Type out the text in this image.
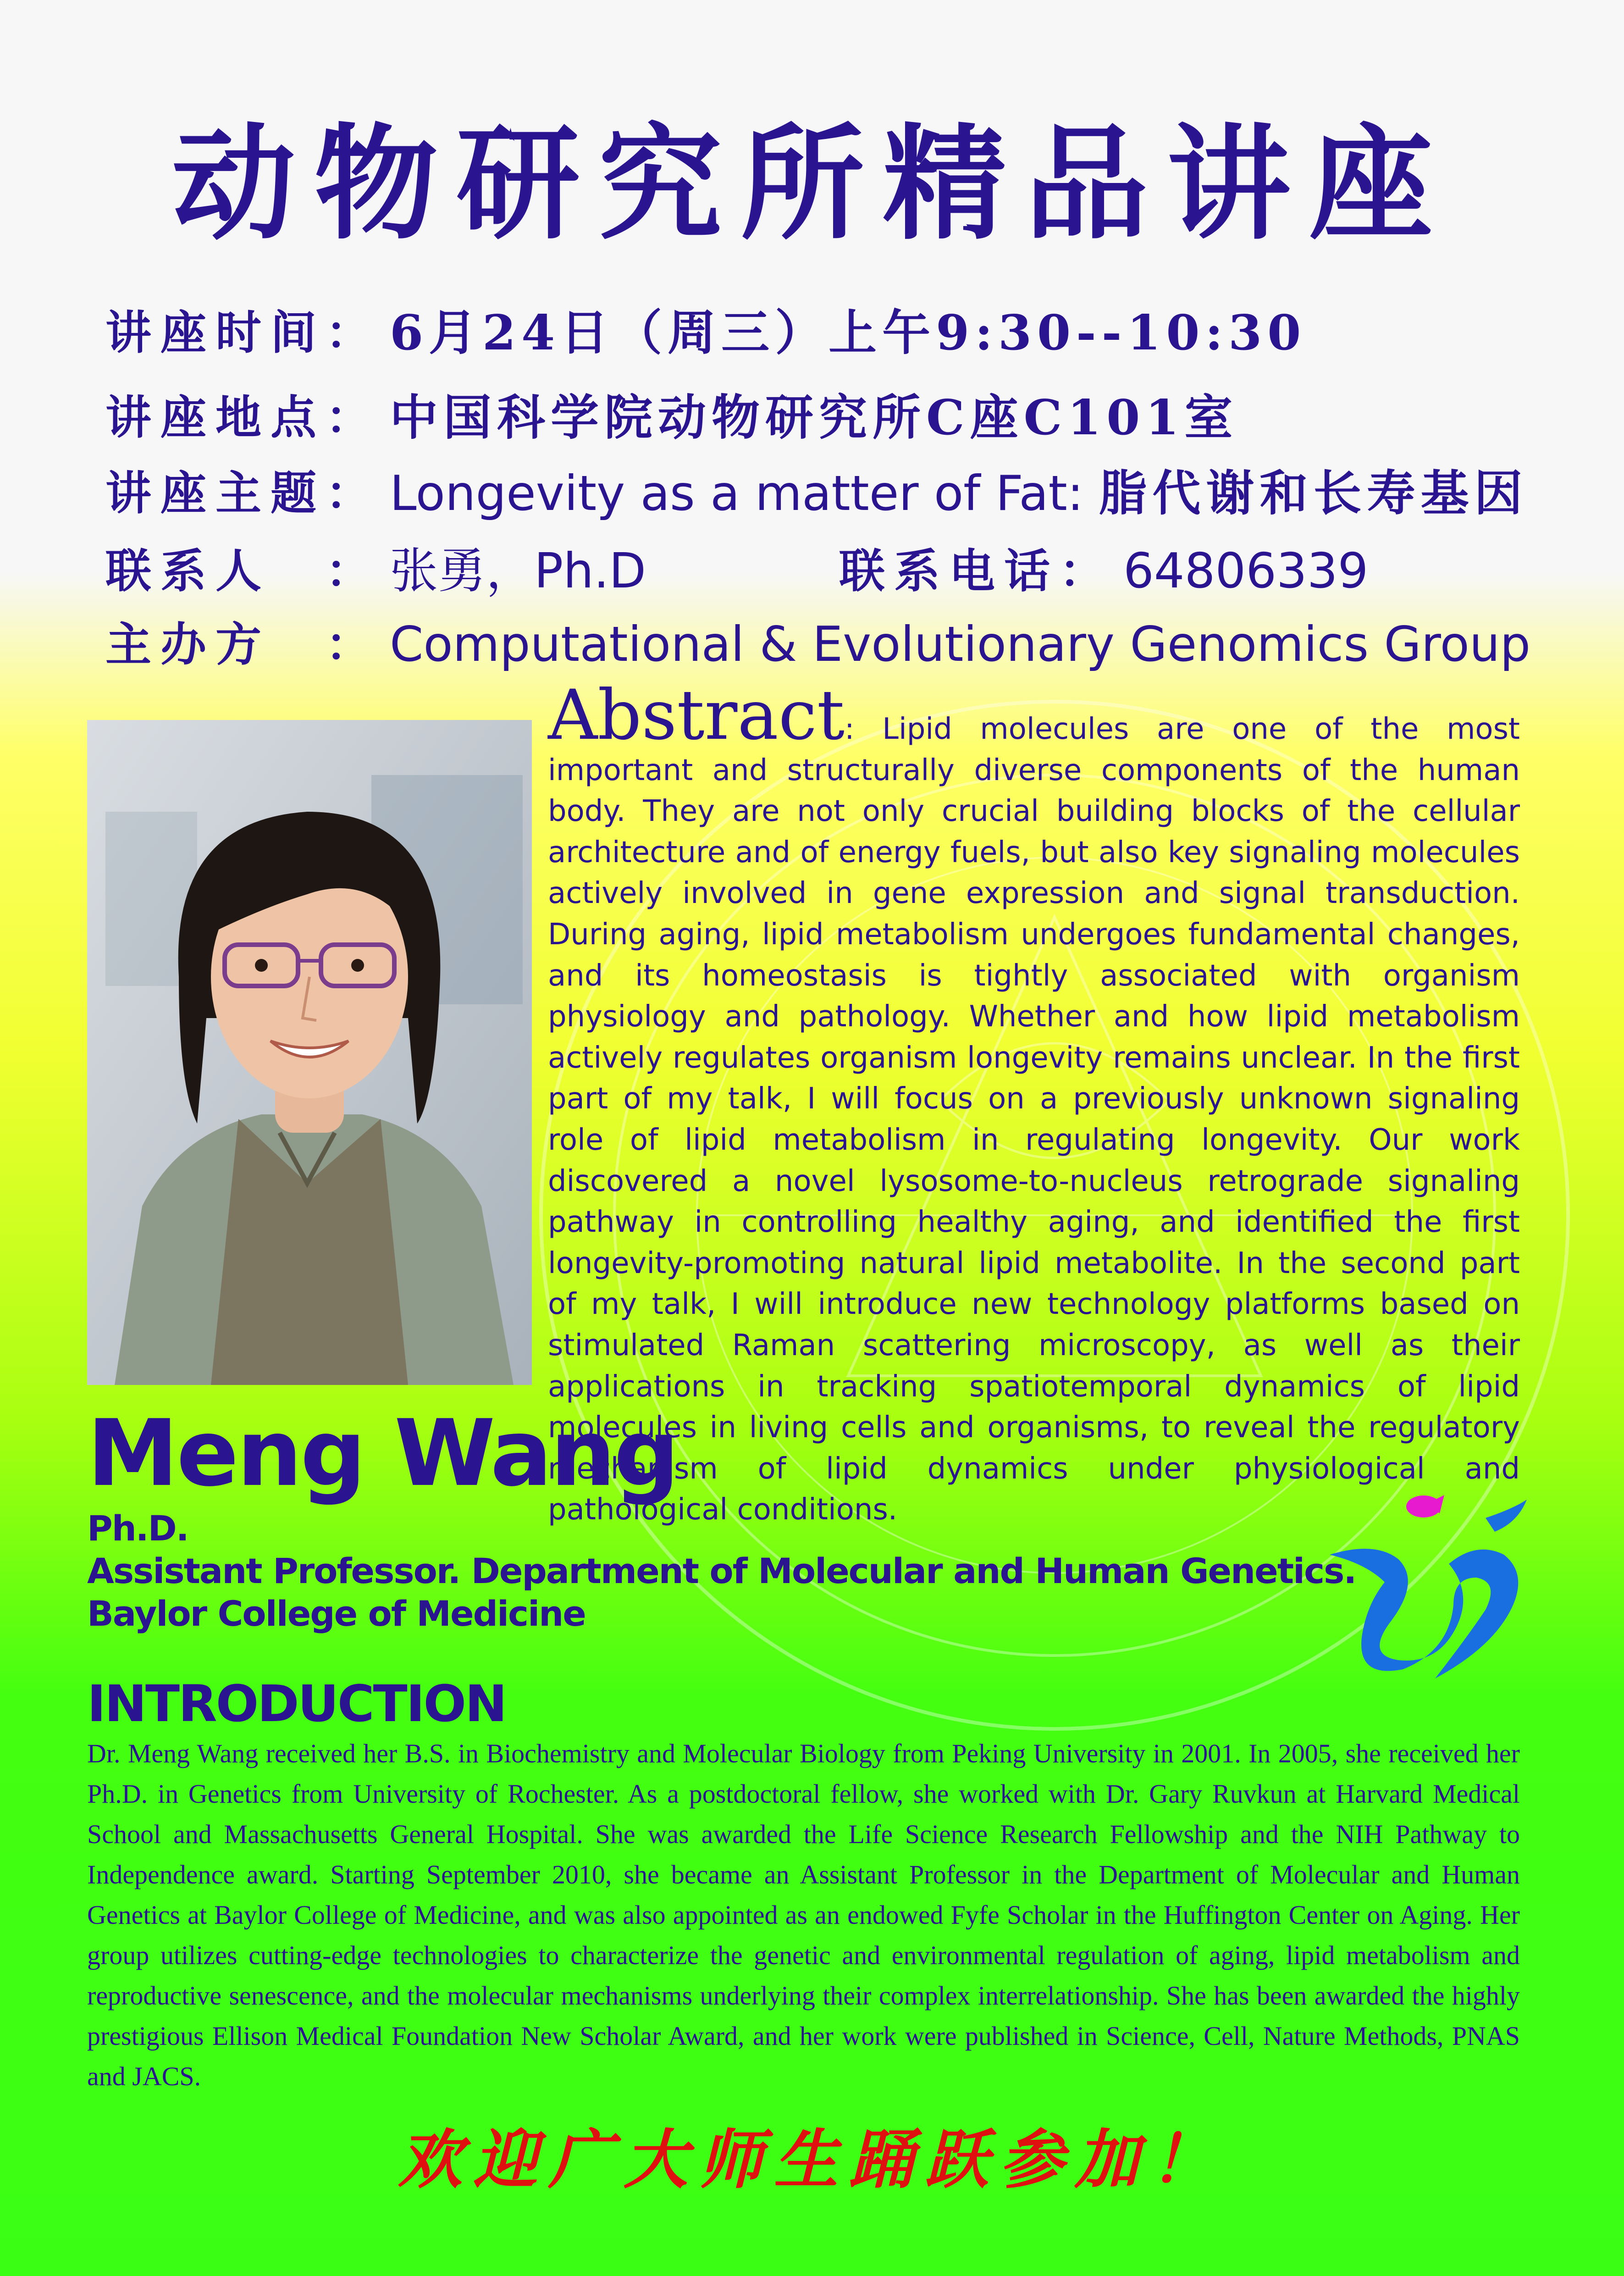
动物研究所精品讲座
讲座时间： 6月24日（周三）上午9:30--10:30
讲座地点： 中国科学院动物研究所C座C101室
讲座主题： Longevity as a matter of Fat: 脂代谢和长寿基因
联系人　： 张勇，Ph.D	联系电话： 64806339
主办方　： Computational & Evolutionary Genomics Group
Abstract: Lipid molecules are one of the most important and structurally diverse components of the human body. They are not only crucial building blocks of the cellular architecture and of energy fuels, but also key signaling molecules actively involved in gene expression and signal transduction. During aging, lipid metabolism undergoes fundamental changes, and its homeostasis is tightly associated with organism physiology and pathology. Whether and how lipid metabolism actively regulates organism longevity remains unclear. In the first part of my talk, I will focus on a previously unknown signaling role of lipid metabolism in regulating longevity. Our work discovered a novel lysosome-to-nucleus retrograde signaling pathway in controlling healthy aging, and identified the first longevity-promoting natural lipid metabolite. In the second part of my talk, I will introduce new technology platforms based on stimulated Raman scattering microscopy, as well as their applications in tracking spatiotemporal dynamics of lipid molecules in living cells and organisms, to reveal the regulatory mechanism of lipid dynamics under physiological and pathological conditions.
Meng Wang
Ph.D.
Assistant Professor. Department of Molecular and Human Genetics.
Baylor College of Medicine
INTRODUCTION
Dr. Meng Wang received her B.S. in Biochemistry and Molecular Biology from Peking University in 2001. In 2005, she received her Ph.D. in Genetics from University of Rochester. As a postdoctoral fellow, she worked with Dr. Gary Ruvkun at Harvard Medical School and Massachusetts General Hospital. She was awarded the Life Science Research Fellowship and the NIH Pathway to Independence award. Starting September 2010, she became an Assistant Professor in the Department of Molecular and Human Genetics at Baylor College of Medicine, and was also appointed as an endowed Fyfe Scholar in the Huffington Center on Aging. Her group utilizes cutting-edge technologies to characterize the genetic and environmental regulation of aging, lipid metabolism and reproductive senescence, and the molecular mechanisms underlying their complex interrelationship. She has been awarded the highly prestigious Ellison Medical Foundation New Scholar Award, and her work were published in Science, Cell, Nature Methods, PNAS and JACS.
欢迎广大师生踊跃参加！
